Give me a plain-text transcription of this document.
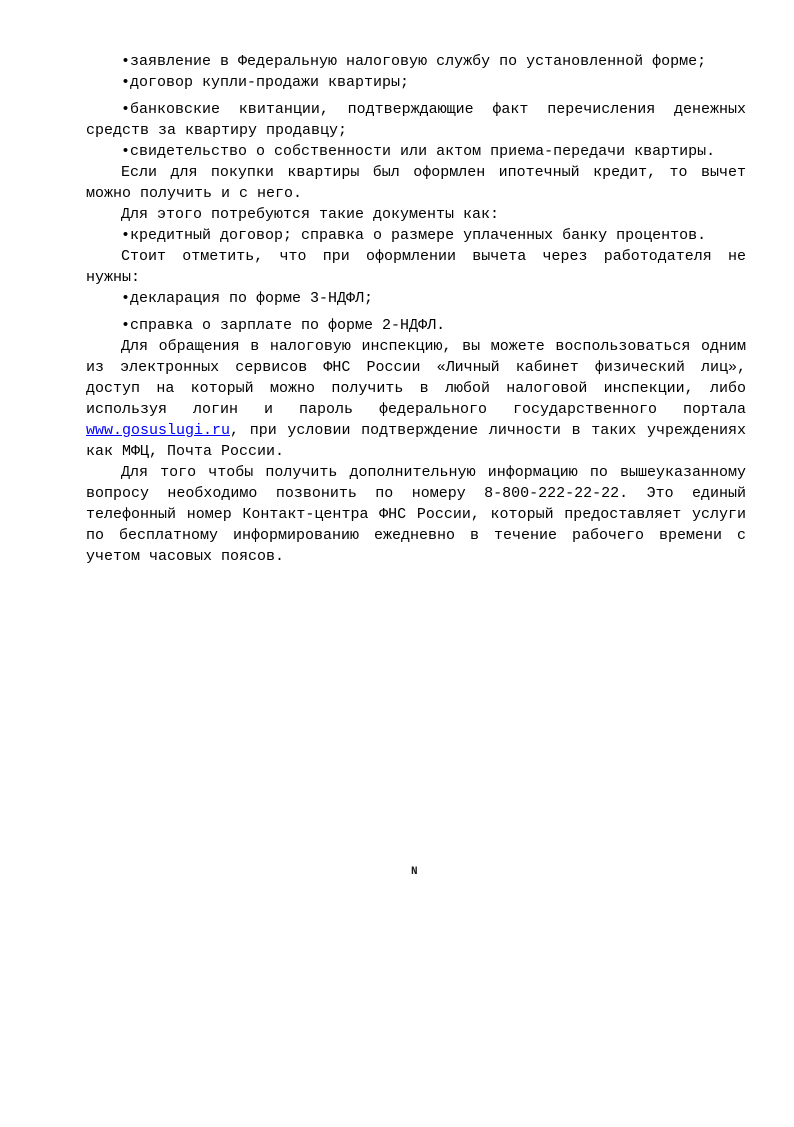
•заявление в Федеральную налоговую службу по установленной форме;

•договор купли-продажи квартиры;

•банковские квитанции, подтверждающие факт перечисления денежных средств за квартиру продавцу;

•свидетельство о собственности или актом приема-передачи квартиры.

Если для покупки квартиры был оформлен ипотечный кредит, то вычет можно получить и с него.

Для этого потребуются такие документы как:

•кредитный договор; справка о размере уплаченных банку процентов.

Стоит отметить, что при оформлении вычета через работодателя не нужны:

•декларация по форме 3-НДФЛ;

•справка о зарплате по форме 2-НДФЛ.

Для обращения в налоговую инспекцию, вы можете воспользоваться одним из электронных сервисов ФНС России «Личный кабинет физический лиц», доступ на который можно получить в любой налоговой инспекции, либо используя логин и пароль федерального государственного портала www.gosuslugi.ru, при условии подтверждение личности в таких учреждениях как МФЦ, Почта России.

Для того чтобы получить дополнительную информацию по вышеуказанному вопросу необходимо позвонить по номеру 8-800-222-22-22. Это единый телефонный номер Контакт-центра ФНС России, который предоставляет услуги по бесплатному информированию ежедневно в течение рабочего времени с учетом часовых поясов.

N
